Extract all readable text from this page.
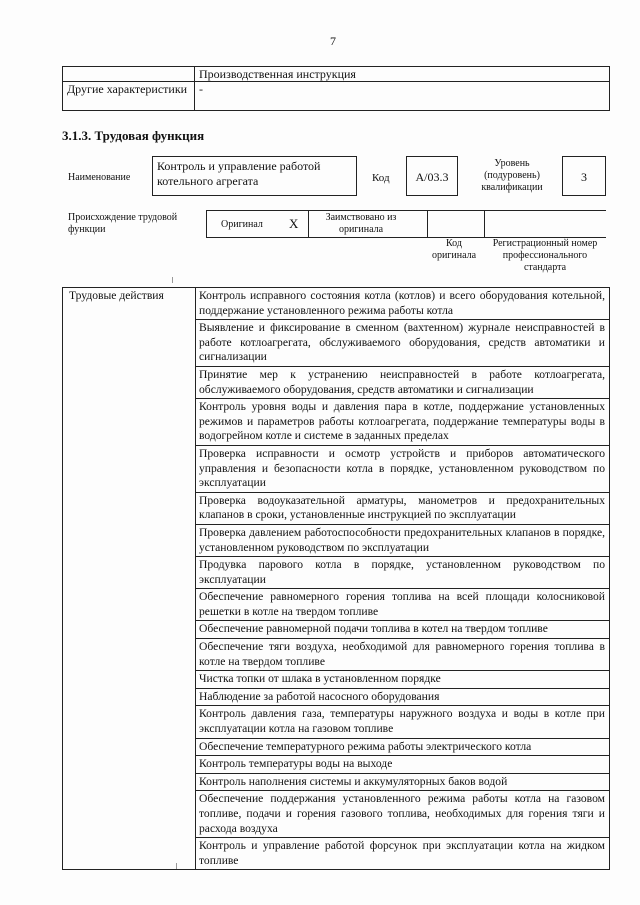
7
	Производственная инструкция
Другие характеристики	-
3.1.3. Трудовая функция
Наименование
Контроль и управление работой котельного агрегата	Код	А/03.3
Уровень (подуровень) квалификации
3
Происхождение трудовой функции	Оригинал X	Заимствовано из оригинала
Код оригинала
Регистрационный номер профессионального стандарта
Трудовые действия	Контроль исправного состояния котла (котлов) и всего оборудования котельной, поддержание установленного режима работы котла
Выявление и фиксирование в сменном (вахтенном) журнале неисправностей в работе котлоагрегата, обслуживаемого оборудования, средств автоматики и сигнализации
Принятие мер к устранению неисправностей в работе котлоагрегата, обслуживаемого оборудования, средств автоматики и сигнализации
Контроль уровня воды и давления пара в котле, поддержание установленных режимов и параметров работы котлоагрегата, поддержание температуры воды в водогрейном котле и системе в заданных пределах
Проверка исправности и осмотр устройств и приборов автоматического управления и безопасности котла в порядке, установленном руководством по эксплуатации
Проверка водоуказательной арматуры, манометров и предохранительных клапанов в сроки, установленные инструкцией по эксплуатации
Проверка давлением работоспособности предохранительных клапанов в порядке, установленном руководством по эксплуатации
Продувка парового котла в порядке, установленном руководством по эксплуатации
Обеспечение равномерного горения топлива на всей площади колосниковой решетки в котле на твердом топливе
Обеспечение равномерной подачи топлива в котел на твердом топливе
Обеспечение тяги воздуха, необходимой для равномерного горения топлива в котле на твердом топливе
Чистка топки от шлака в установленном порядке
Наблюдение за работой насосного оборудования
Контроль давления газа, температуры наружного воздуха и воды в котле при эксплуатации котла на газовом топливе
Обеспечение температурного режима работы электрического котла
Контроль температуры воды на выходе
Контроль наполнения системы и аккумуляторных баков водой
Обеспечение поддержания установленного режима работы котла на газовом топливе, подачи и горения газового топлива, необходимых для горения тяги и расхода воздуха
Контроль и управление работой форсунок при эксплуатации котла на жидком топливе
